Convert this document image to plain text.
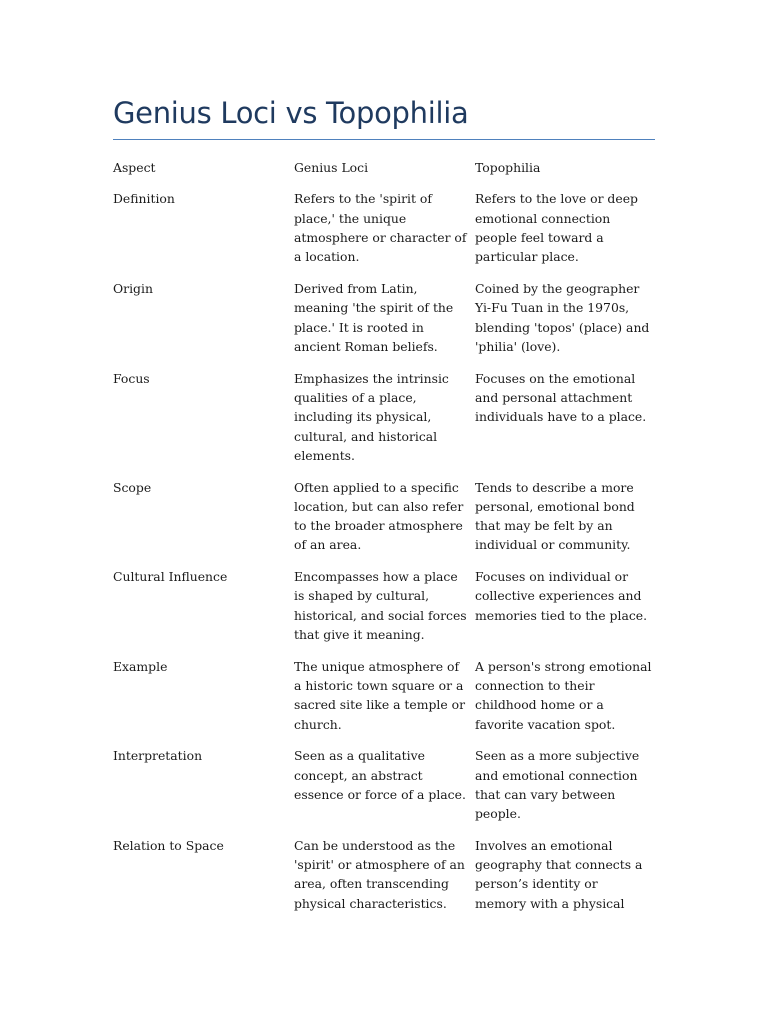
Genius Loci vs Topophilia
Aspect	Genius Loci	Topophilia
Definition	Refers to the 'spirit of place,' the unique atmosphere or character of a location.	Refers to the love or deep emotional connection people feel toward a particular place.
Origin	Derived from Latin, meaning 'the spirit of the place.' It is rooted in ancient Roman beliefs.	Coined by the geographer Yi-Fu Tuan in the 1970s, blending 'topos' (place) and 'philia' (love).
Focus	Emphasizes the intrinsic qualities of a place, including its physical, cultural, and historical elements.	Focuses on the emotional and personal attachment individuals have to a place.
Scope	Often applied to a specific location, but can also refer to the broader atmosphere of an area.	Tends to describe a more personal, emotional bond that may be felt by an individual or community.
Cultural Influence	Encompasses how a place is shaped by cultural, historical, and social forces that give it meaning.	Focuses on individual or collective experiences and memories tied to the place.
Example	The unique atmosphere of a historic town square or a sacred site like a temple or church.	A person's strong emotional connection to their childhood home or a favorite vacation spot.
Interpretation	Seen as a qualitative concept, an abstract essence or force of a place.	Seen as a more subjective and emotional connection that can vary between people.
Relation to Space	Can be understood as the 'spirit' or atmosphere of an area, often transcending physical characteristics.	Involves an emotional geography that connects a person’s identity or memory with a physical
